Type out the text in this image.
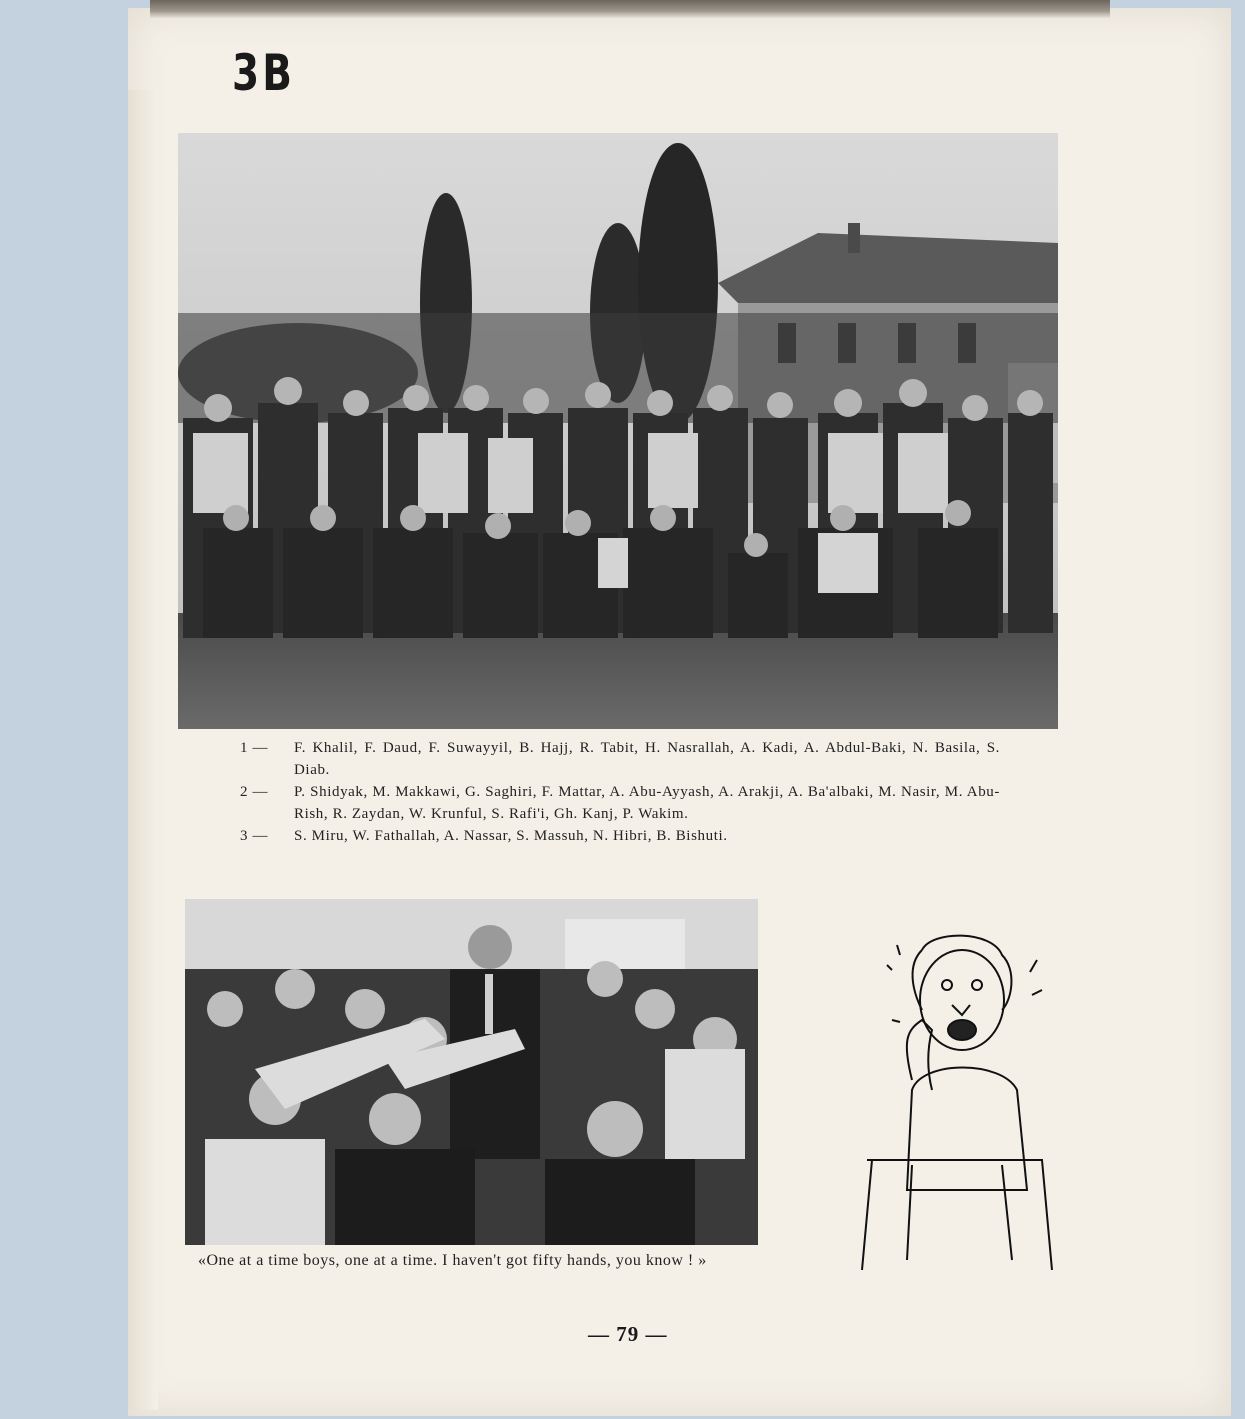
3B
1 —	F. Khalil, F. Daud, F. Suwayyil, B. Hajj, R. Tabit, H. Nasrallah, A. Kadi, A. Abdul-Baki, N. Basila, S. Diab.
2 —	P. Shidyak, M. Makkawi, G. Saghiri, F. Mattar, A. Abu-Ayyash, A. Arakji, A. Ba'albaki, M. Nasir, M. Abu-Rish, R. Zaydan, W. Krunful, S. Rafi'i, Gh. Kanj, P. Wakim.
3 —	S. Miru, W. Fathallah, A. Nassar, S. Massuh, N. Hibri, B. Bishuti.
«One at a time boys, one at a time. I haven't got fifty hands, you know ! »
— 79 —
